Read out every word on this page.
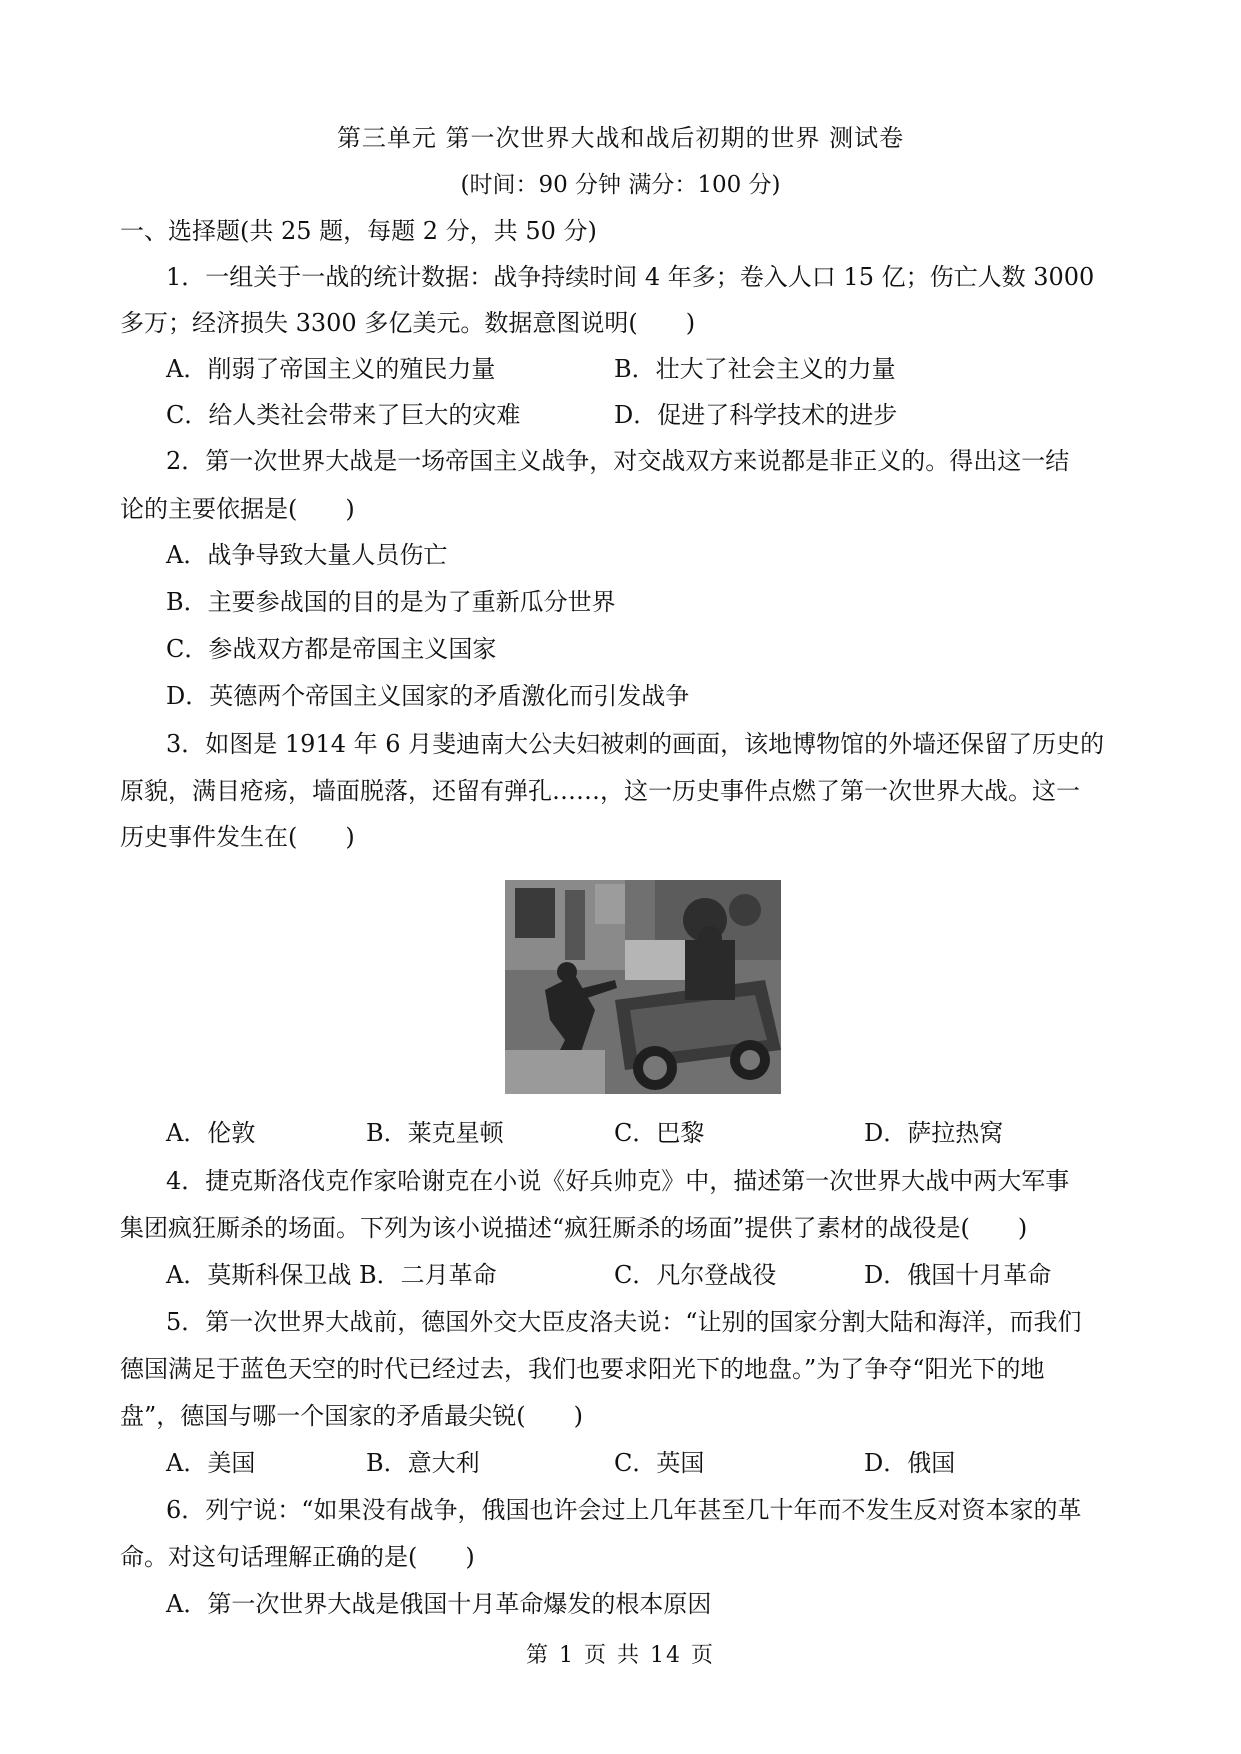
第三单元 第一次世界大战和战后初期的世界 测试卷
(时间：90 分钟 满分：100 分)
一、选择题(共 25 题，每题 2 分，共 50 分)
1．一组关于一战的统计数据：战争持续时间 4 年多；卷入人口 15 亿；伤亡人数 3000
多万；经济损失 3300 多亿美元。数据意图说明(　　)
A．削弱了帝国主义的殖民力量	B．壮大了社会主义的力量
C．给人类社会带来了巨大的灾难	D．促进了科学技术的进步
2．第一次世界大战是一场帝国主义战争，对交战双方来说都是非正义的。得出这一结
论的主要依据是(　　)
A．战争导致大量人员伤亡
B．主要参战国的目的是为了重新瓜分世界
C．参战双方都是帝国主义国家
D．英德两个帝国主义国家的矛盾激化而引发战争
3．如图是 1914 年 6 月斐迪南大公夫妇被刺的画面，该地博物馆的外墙还保留了历史的
原貌，满目疮疡，墙面脱落，还留有弹孔……，这一历史事件点燃了第一次世界大战。这一
历史事件发生在(　　)
A．伦敦	B．莱克星顿	C．巴黎	D．萨拉热窝
4．捷克斯洛伐克作家哈谢克在小说《好兵帅克》中，描述第一次世界大战中两大军事
集团疯狂厮杀的场面。下列为该小说描述“疯狂厮杀的场面”提供了素材的战役是(　　)
A．莫斯科保卫战 B．二月革命	C．凡尔登战役	D．俄国十月革命
5．第一次世界大战前，德国外交大臣皮洛夫说：“让别的国家分割大陆和海洋，而我们
德国满足于蓝色天空的时代已经过去，我们也要求阳光下的地盘。”为了争夺“阳光下的地
盘”，德国与哪一个国家的矛盾最尖锐(　　)
A．美国	B．意大利	C．英国	D．俄国
6．列宁说：“如果没有战争，俄国也许会过上几年甚至几十年而不发生反对资本家的革
命。对这句话理解正确的是(　　)
A．第一次世界大战是俄国十月革命爆发的根本原因
第 1 页 共 14 页
